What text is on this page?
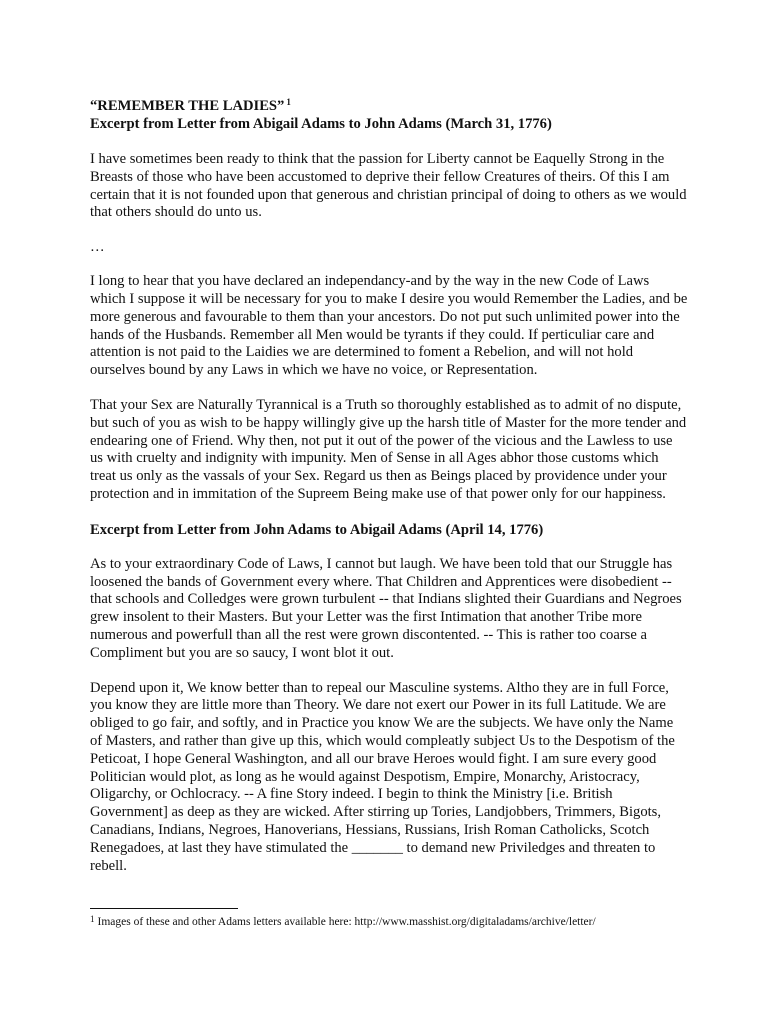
“REMEMBER THE LADIES” $^1$

Excerpt from Letter from Abigail Adams to John Adams (March 31, 1776)

I have sometimes been ready to think that the passion for Liberty cannot be Eaquelly Strong in the Breasts of those who have been accustomed to deprive their fellow Creatures of theirs. Of this I am certain that it is not founded upon that generous and christian principal of doing to others as we would that others should do unto us.

…

I long to hear that you have declared an independancy-and by the way in the new Code of Laws which I suppose it will be necessary for you to make I desire you would Remember the Ladies, and be more generous and favourable to them than your ancestors. Do not put such unlimited power into the hands of the Husbands. Remember all Men would be tyrants if they could. If perticuliar care and attention is not paid to the Laidies we are determined to foment a Rebelion, and will not hold ourselves bound by any Laws in which we have no voice, or Representation.

That your Sex are Naturally Tyrannical is a Truth so thoroughly established as to admit of no dispute, but such of you as wish to be happy willingly give up the harsh title of Master for the more tender and endearing one of Friend. Why then, not put it out of the power of the vicious and the Lawless to use us with cruelty and indignity with impunity. Men of Sense in all Ages abhor those customs which treat us only as the vassals of your Sex. Regard us then as Beings placed by providence under your protection and in immitation of the Supreem Being make use of that power only for our happiness.

Excerpt from Letter from John Adams to Abigail Adams (April 14, 1776)

As to your extraordinary Code of Laws, I cannot but laugh. We have been told that our Struggle has loosened the bands of Government every where. That Children and Apprentices were disobedient -- that schools and Colledges were grown turbulent -- that Indians slighted their Guardians and Negroes grew insolent to their Masters. But your Letter was the first Intimation that another Tribe more numerous and powerfull than all the rest were grown discontented. -- This is rather too coarse a Compliment but you are so saucy, I wont blot it out.

Depend upon it, We know better than to repeal our Masculine systems. Altho they are in full Force, you know they are little more than Theory. We dare not exert our Power in its full Latitude. We are obliged to go fair, and softly, and in Practice you know We are the subjects. We have only the Name of Masters, and rather than give up this, which would compleatly subject Us to the Despotism of the Peticoat, I hope General Washington, and all our brave Heroes would fight. I am sure every good Politician would plot, as long as he would against Despotism, Empire, Monarchy, Aristocracy, Oligarchy, or Ochlocracy. -- A fine Story indeed. I begin to think the Ministry [i.e. British Government] as deep as they are wicked. After stirring up Tories, Landjobbers, Trimmers, Bigots, Canadians, Indians, Negroes, Hanoverians, Hessians, Russians, Irish Roman Catholicks, Scotch Renegadoes, at last they have stimulated the _______ to demand new Priviledges and threaten to rebell.

$^1$ Images of these and other Adams letters available here: http://www.masshist.org/digitaladams/archive/letter/
